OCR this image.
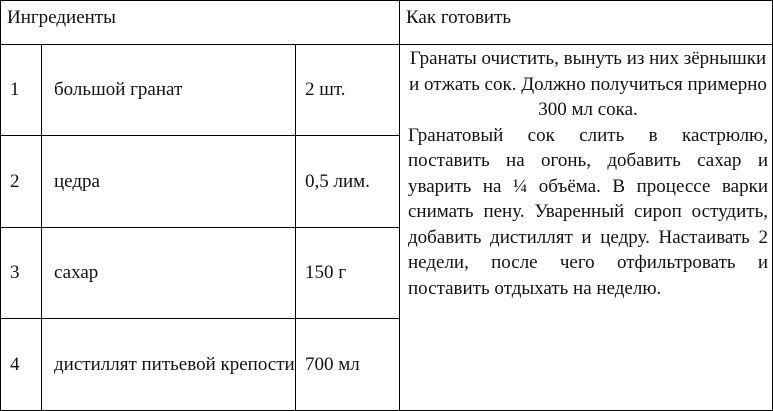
Ингредиенты			Как готовить
1	большой гранат	2 шт.	Гранаты очистить, вынуть из них зёрнышки и отжать сок. Должно получиться примерно 300 мл сока.

Гранатовый сок слить в кастрюлю, поставить на огонь, добавить сахар и уварить на ¼ объёма. В процессе варки снимать пену. Уваренный сироп остудить, добавить дистиллят и цедру. Настаивать 2 недели, после чего отфильтровать и поставить отдыхать на неделю.

2	цедра	0,5 лим.	
3	сахар	150 г	
4	дистиллят питьевой крепости	700 мл	
